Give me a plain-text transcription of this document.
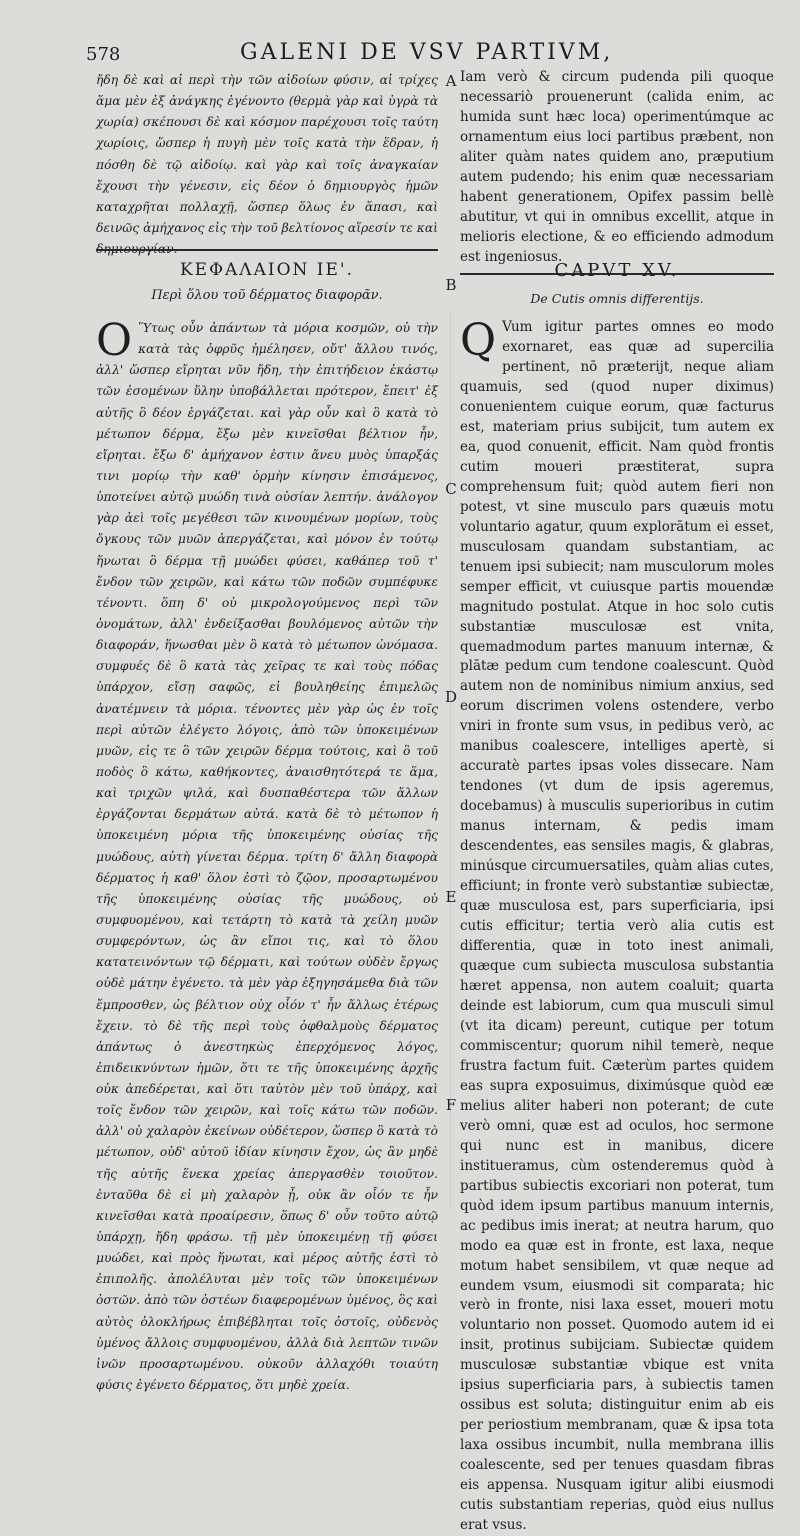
578	GALENI DE VSV PARTIVM,
ἤδη δὲ καὶ αἱ περὶ τὴν τῶν αἰδοίων φύσιν, αἱ τρίχες ἅμα μὲν ἐξ ἀνάγκης ἐγένοντο (θερμὰ γὰρ καὶ ὑγρὰ τὰ χωρία) σκέπουσι δὲ καὶ κόσμον παρέχουσι τοῖς ταύτη χωρίοις, ὥσπερ ἡ πυγὴ μὲν τοῖς κατὰ τὴν ἕδραν, ἡ πόσθη δὲ τῷ αἰδοίῳ. καὶ γὰρ καὶ τοῖς ἀναγκαίαν ἔχουσι τὴν γένεσιν, εἰς δέον ὁ δημιουργὸς ἡμῶν καταχρῆται πολλαχῇ, ὥσπερ ὅλως ἐν ἅπασι, καὶ δεινῶς ἀμήχανος εἰς τὴν τοῦ βελτίονος αἵρεσίν τε καὶ
Iam verò & circum pudenda pili quoque necessariò prouenerunt (calida enim, ac humida sunt hæc loca) operimentúmque ac ornamentum eius loci partibus præbent, non aliter quàm nates quidem ano, præputium autem pudendo; his enim quæ necessariam habent generationem, Opifex passim bellè abutitur, vt qui in omnibus excellit, atque in melioris electione, & eo efficiendo admodum est ingeniosus.
ΚΕΦΑΛΑΙΟΝ ΙΕ'.	CAPVT XV.
Περὶ ὅλου τοῦ δέρματος διαφορᾶν.	De Cutis omnis differentijs.
Ο Ὕτως οὖν ἀπάντων τὰ μόρια κοσμῶν, οὐ τὴν κατὰ τὰς ὀφρῦς ἠμέλησεν, οὔτ' ἄλλου τινός, ἀλλ' ὥσπερ εἴρηται νῦν ἤδη, τὴν ἐπιτήδειον ἑκάστῳ τῶν ἐσομένων ὕλην ὑποβάλλεται πρότερον, ἔπειτ' ἐξ αὐτῆς ὃ δέον ἐργάζεται. καὶ γὰρ οὖν καὶ ὃ κατὰ τὸ μέτωπον δέρμα, ἔξω μὲν κινεῖσθαι βέλτιον ἦν, εἴρηται. ἔξω δ' ἀμήχανον ἐστιν ἄνευ μυὸς ὑπαρξάς τινι μορίῳ τὴν καθ' ὁρμὴν κίνησιν ἐπισάμενος, ὑποτείνει αὐτῷ μυώδη τινὰ οὐσίαν λεπτήν. ἀνάλογον γὰρ ἀεὶ τοῖς μεγέθεσι τῶν κινουμένων μορίων, τοὺς ὄγκους τῶν μυῶν ἀπεργάζεται, καὶ μόνον ἐν τούτῳ ἥνωται ὃ δέρμα τῇ μυώδει φύσει, καθάπερ τοῦ τ' ἔνδον τῶν χειρῶν, καὶ κάτω τῶν ποδῶν συμπέφυκε τένοντι. ὅπη δ' οὐ μικρολογούμενος περὶ τῶν ὀνομάτων, ἀλλ' ἐνδείξασθαι βουλόμενος αὐτῶν τὴν διαφοράν, ἥνωσθαι μὲν ὃ κατὰ τὸ μέτωπον ὠνόμασα. συμφυές δὲ ὃ κατὰ τὰς χεῖρας τε καὶ τοὺς πόδας ὑπάρχον, εἴσῃ σαφῶς, εἰ βουληθείης ἐπιμελῶς ἀνατέμνειν τὰ μόρια. τένοντες μὲν γὰρ ὡς ἐν τοῖς περὶ αὐτῶν ἐλέγετο λόγοις, ἀπὸ τῶν ὑποκειμένων μυῶν, εἰς τε ὃ τῶν χειρῶν δέρμα τούτοις, καὶ ὃ τοῦ ποδὸς ὃ κάτω, καθήκοντες, ἀναισθητότερά τε ἅμα, καὶ τριχῶν ψιλά, καὶ δυσπαθέστερα τῶν ἄλλων ἐργάζονται δερμάτων αὐτά. κατὰ δὲ τὸ μέτωπον ἡ ὑποκειμένη μόρια τῆς ὑποκειμένης οὐσίας τῆς μυώδους, αὐτὴ γίνεται δέρμα. τρίτη δ' ἄλλη διαφορὰ δέρματος ἡ καθ' ὅλον ἐστὶ τὸ ζῷον, προσαρτωμένου τῆς ὑποκειμένης οὐσίας τῆς μυώδους, οὐ συμφυομένου, καὶ τετάρτη τὸ κατὰ τὰ χείλη μυῶν συμφερόντων, ὡς ἂν εἴποι τις, καὶ τὸ ὅλου κατατεινόντων τῷ δέρματι, καὶ τούτων οὐδὲν ἔργως οὐδὲ μάτην ἐγένετο. τὰ μὲν γὰρ ἐξηγησάμεθα διὰ τῶν ἔμπροσθεν, ὡς βέλτιον οὐχ οἷόν τ' ἦν ἄλλως ἑτέρως ἔχειν. τὸ δὲ τῆς περὶ τοὺς ὀφθαλμοὺς δέρματος ἁπάντως ὁ ἀνεστηκὼς ἐπερχόμενος λόγος, ἐπιδεικνύντων ἡμῶν, ὅτι τε τῆς ὑποκειμένης ἀρχῆς οὐκ ἀπεδέρεται, καὶ ὅτι ταὐτὸν μὲν τοῦ ὑπάρχ, καὶ τοῖς ἔνδον τῶν χειρῶν, καὶ τοῖς κάτω τῶν ποδῶν. ἀλλ' οὐ χαλαρὸν ἐκείνων οὐδέτερον, ὥσπερ ὃ κατὰ τὸ μέτωπον, οὐδ' αὐτοῦ ἰδίαν κίνησιν ἔχον, ὡς ἂν μηδὲ τῆς αὐτῆς ἕνεκα χρείας ἀπεργασθὲν τοιοῦτον. ἐνταῦθα δὲ εἰ μὴ χαλαρὸν ᾖ, οὐκ ἂν οἷόν τε ἦν κινεῖσθαι κατὰ προαίρεσιν, ὅπως δ' οὖν τοῦτο αὐτῷ ὑπάρχῃ, ἤδη φράσω. τῇ μὲν ὑποκειμένῃ τῇ φύσει μυώδει, καὶ πρὸς ἥνωται, καὶ μέρος αὐτῆς ἐστὶ τὸ ἐπιπολῆς. ἀπολέλυται μὲν τοῖς τῶν ὑποκειμένων ὀστῶν. ἀπὸ τῶν ὀστέων διαφερομένων ὑμένος, ὃς καὶ αὐτὸς ὁλοκλήρως ἐπιβέβληται τοῖς ὀστοῖς, οὐδενὸς ὑμένος ἄλλοις συμφυομένου, ἀλλὰ διὰ λεπτῶν τινῶν ἰνῶν προσαρτωμένου. οὐκοῦν ἀλλαχόθι τοιαύτη φύσις ἐγένετο δέρματος, ὅτι μηδὲ χρεία.
Q Vum igitur partes omnes eo modo exornaret, eas quæ ad supercilia pertinent, nō præterijt, neque aliam quamuis, sed (quod nuper diximus) conuenientem cuique eorum, quæ facturus est, materiam prius subijcit, tum autem ex ea, quod conuenit, efficit. Nam quòd frontis cutim moueri præstiterat, supra comprehensum fuit; quòd autem fieri non potest, vt sine musculo pars quæuis motu voluntario agatur, quum explorātum ei esset, musculosam quandam substantiam, ac tenuem ipsi subiecit; nam musculorum moles semper efficit, vt cuiusque partis mouendæ magnitudo postulat. Atque in hoc solo cutis substantiæ musculosæ est vnita, quemadmodum partes manuum internæ, & plātæ pedum cum tendone coalescunt. Quòd autem non de nominibus nimium anxius, sed eorum discrimen volens ostendere, verbo vniri in fronte sum vsus, in pedibus verò, ac manibus coalescere, intelliges apertè, si accuratè partes ipsas voles dissecare. Nam tendones (vt dum de ipsis ageremus, docebamus) à musculis superioribus in cutim manus internam, & pedis imam descendentes, eas sensiles magis, & glabras, minúsque circumuersatiles, quàm alias cutes, efficiunt; in fronte verò substantiæ subiectæ, quæ musculosa est, pars superficiaria, ipsi cutis efficitur; tertia verò alia cutis est differentia, quæ in toto inest animali, quæque cum subiecta musculosa substantia hæret appensa, non autem coaluit; quarta deinde est labiorum, cum qua musculi simul (vt ita dicam) pereunt, cutique per totum commiscentur; quorum nihil temerè, neque frustra factum fuit. Cæterùm partes quidem eas supra exposuimus, diximúsque quòd eæ melius aliter haberi non poterant; de cute verò omni, quæ est ad oculos, hoc sermone qui nunc est in manibus, dicere institueramus, cùm ostenderemus quòd à partibus subiectis excoriari non poterat, tum quòd idem ipsum partibus manuum internis, ac pedibus imis inerat; at neutra harum, quo modo ea quæ est in fronte, est laxa, neque motum habet sensibilem, vt quæ neque ad eundem vsum, eiusmodi sit comparata; hic verò in fronte, nisi laxa esset, moueri motu voluntario non posset. Quomodo autem id ei insit, protinus subijciam. Subiectæ quidem musculosæ substantiæ vbique est vnita ipsius superficiaria pars, à subiectis tamen ossibus est soluta; distinguitur enim ab eis per periostium membranam, quæ & ipsa tota laxa ossibus incumbit, nulla membrana illis coalescente, sed per tenues quasdam fibras eis appensa. Nusquam igitur alibi eiusmodi cutis substantiam reperias, quòd eius nullus erat vsus.
A
B
C
D
E
F
